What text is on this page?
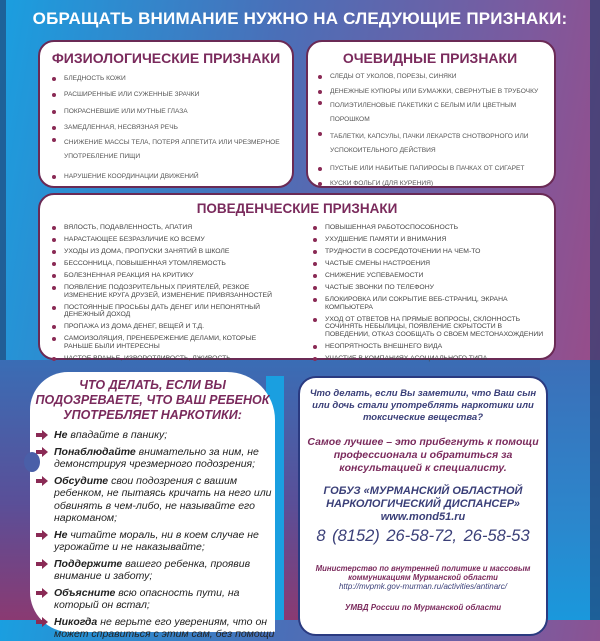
ОБРАЩАТЬ ВНИМАНИЕ НУЖНО НА СЛЕДУЮЩИЕ ПРИЗНАКИ:
ФИЗИОЛОГИЧЕСКИЕ ПРИЗНАКИ
БЛЕДНОСТЬ КОЖИ
РАСШИРЕННЫЕ ИЛИ СУЖЕННЫЕ ЗРАЧКИ
ПОКРАСНЕВШИЕ ИЛИ МУТНЫЕ ГЛАЗА
ЗАМЕДЛЕННАЯ, НЕСВЯЗНАЯ РЕЧЬ
СНИЖЕНИЕ МАССЫ ТЕЛА, ПОТЕРЯ АППЕТИТА ИЛИ ЧРЕЗМЕРНОЕ УПОТРЕБЛЕНИЕ ПИЩИ
НАРУШЕНИЕ КООРДИНАЦИИ ДВИЖЕНИЙ
ОЧЕВИДНЫЕ ПРИЗНАКИ
СЛЕДЫ ОТ УКОЛОВ, ПОРЕЗЫ, СИНЯКИ
ДЕНЕЖНЫЕ КУПЮРЫ ИЛИ БУМАЖКИ, СВЕРНУТЫЕ В ТРУБОЧКУ
ПОЛИЭТИЛЕНОВЫЕ ПАКЕТИКИ С БЕЛЫМ ИЛИ ЦВЕТНЫМ ПОРОШКОМ
ТАБЛЕТКИ, КАПСУЛЫ, ПАЧКИ ЛЕКАРСТВ СНОТВОРНОГО ИЛИ УСПОКОИТЕЛЬНОГО ДЕЙСТВИЯ
ПУСТЫЕ ИЛИ НАБИТЫЕ ПАПИРОСЫ В ПАЧКАХ ОТ СИГАРЕТ
КУСКИ ФОЛЬГИ (ДЛЯ КУРЕНИЯ)
ПОВЕДЕНЧЕСКИЕ ПРИЗНАКИ
ВЯЛОСТЬ, ПОДАВЛЕННОСТЬ, АПАТИЯ
НАРАСТАЮЩЕЕ БЕЗРАЗЛИЧИЕ КО ВСЕМУ
УХОДЫ ИЗ ДОМА, ПРОПУСКИ ЗАНЯТИЙ В ШКОЛЕ
БЕССОННИЦА, ПОВЫШЕННАЯ УТОМЛЯЕМОСТЬ
БОЛЕЗНЕННАЯ РЕАКЦИЯ НА КРИТИКУ
ПОЯВЛЕНИЕ ПОДОЗРИТЕЛЬНЫХ ПРИЯТЕЛЕЙ, РЕЗКОЕ ИЗМЕНЕНИЕ КРУГА ДРУЗЕЙ, ИЗМЕНЕНИЕ ПРИВЯЗАННОСТЕЙ
ПОСТОЯННЫЕ ПРОСЬБЫ ДАТЬ ДЕНЕГ ИЛИ НЕПОНЯТНЫЙ ДЕНЕЖНЫЙ ДОХОД
ПРОПАЖА ИЗ ДОМА ДЕНЕГ, ВЕЩЕЙ И Т.Д.
САМОИЗОЛЯЦИЯ, ПРЕНЕБРЕЖЕНИЕ ДЕЛАМИ, КОТОРЫЕ РАНЬШЕ БЫЛИ ИНТЕРЕСНЫ
ЧАСТОЕ ВРАНЬЕ, ИЗВОРОТЛИВОСТЬ, ЛЖИВОСТЬ
ПОВЫШЕННАЯ РАБОТОСПОСОБНОСТЬ
УХУДШЕНИЕ ПАМЯТИ И ВНИМАНИЯ
ТРУДНОСТИ В СОСРЕДОТОЧЕНИИ НА ЧЕМ-ТО
ЧАСТЫЕ СМЕНЫ НАСТРОЕНИЯ
СНИЖЕНИЕ УСПЕВАЕМОСТИ
ЧАСТЫЕ ЗВОНКИ ПО ТЕЛЕФОНУ
БЛОКИРОВКА ИЛИ СОКРЫТИЕ ВЕБ-СТРАНИЦ, ЭКРАНА КОМПЬЮТЕРА
УХОД ОТ ОТВЕТОВ НА ПРЯМЫЕ ВОПРОСЫ, СКЛОННОСТЬ СОЧИНЯТЬ НЕБЫЛИЦЫ, ПОЯВЛЕНИЕ СКРЫТОСТИ В ПОВЕДЕНИИ, ОТКАЗ СООБЩАТЬ О СВОЕМ МЕСТОНАХОЖДЕНИИ
НЕОПРЯТНОСТЬ ВНЕШНЕГО ВИДА
УЧАСТИЕ В КОМПАНИЯХ АСОЦИАЛЬНОГО ТИПА
ЧТО ДЕЛАТЬ, ЕСЛИ ВЫ ПОДОЗРЕВАЕТЕ, ЧТО ВАШ РЕБЕНОК УПОТРЕБЛЯЕТ НАРКОТИКИ:
Не впадайте в панику;
Понаблюдайте внимательно за ним, не демонстрируя чрезмерного подозрения;
Обсудите свои подозрения с вашим ребенком, не пытаясь кричать на него или обвинять в чем-либо, не называйте его наркоманом;
Не читайте мораль, ни в коем случае не угрожайте и не наказывайте;
Поддержите вашего ребенка, проявив внимание и заботу;
Объясните всю опасность пути, на который он встал;
Никогда не верьте его уверениям, что он может справиться с этим сам, без помощи

Что делать, если Вы заметили, что Ваш сын или дочь стали употреблять наркотики или токсические вещества?

Самое лучшее – это прибегнуть к помощи профессионала и обратиться за консультацией к специалисту.

ГОБУЗ «МУРМАНСКИЙ ОБЛАСТНОЙ НАРКОЛОГИЧЕСКИЙ ДИСПАНСЕР»

www.mond51.ru

8 (8152) 26-58-72, 26-58-53

Министерство по внутренней политике и массовым коммуникациям Мурманской области

http://mvpmk.gov-murman.ru/activities/antinarc/

УМВД России по Мурманской области
